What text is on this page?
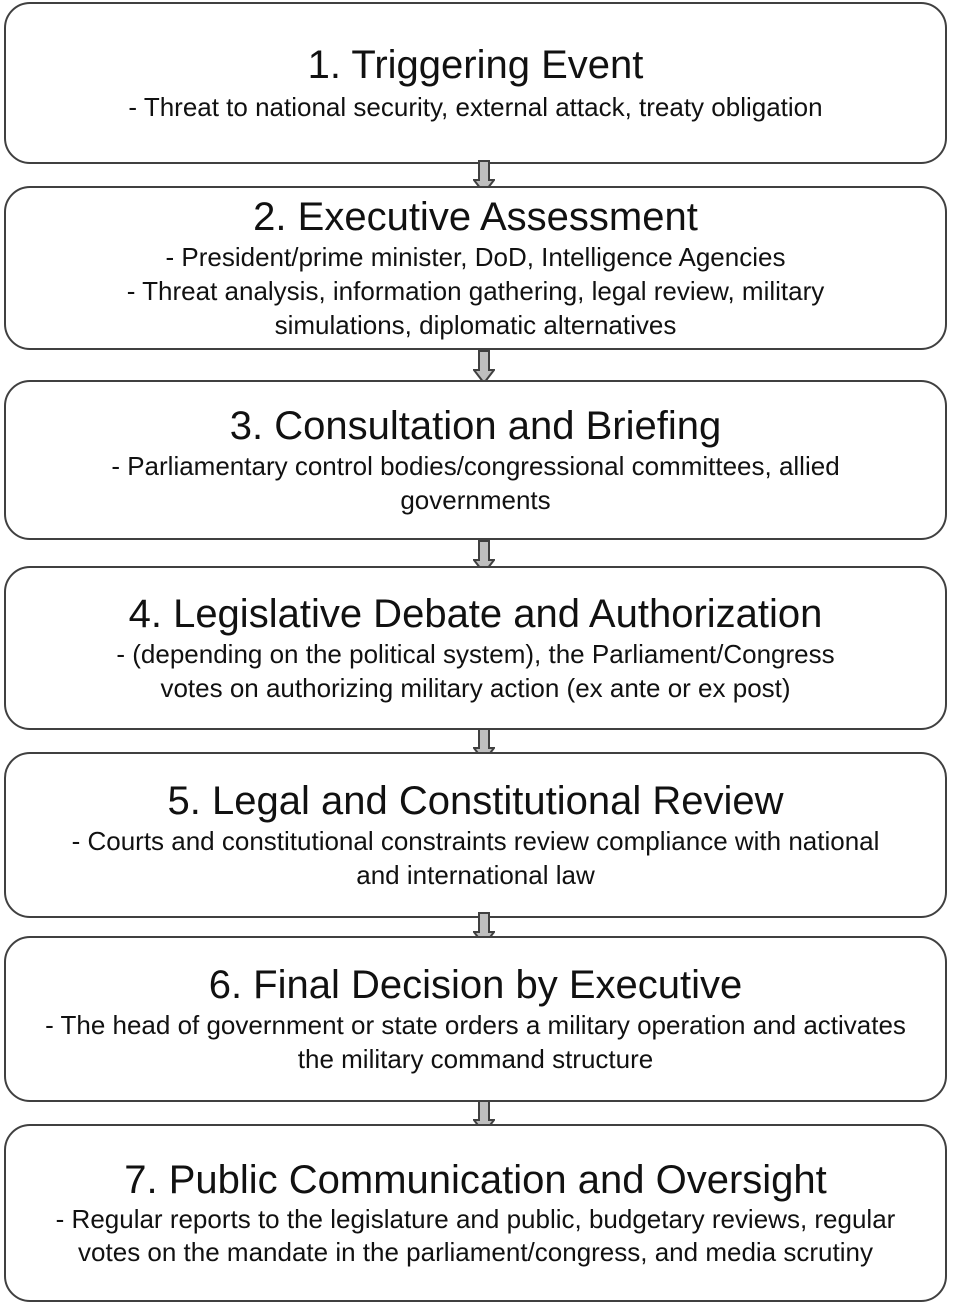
1. Triggering Event

- Threat to national security, external attack, treaty obligation

2. Executive Assessment

- President/prime minister, DoD, Intelligence Agencies

- Threat analysis, information gathering, legal review, military simulations, diplomatic alternatives

3. Consultation and Briefing

- Parliamentary control bodies/congressional committees, allied governments

4. Legislative Debate and Authorization

- (depending on the political system), the Parliament/Congress votes on authorizing military action (ex ante or ex post)

5. Legal and Constitutional Review

- Courts and constitutional constraints review compliance with national and international law

6. Final Decision by Executive

- The head of government or state orders a military operation and activates the military command structure

7. Public Communication and Oversight

- Regular reports to the legislature and public, budgetary reviews, regular votes on the mandate in the parliament/congress, and media scrutiny
